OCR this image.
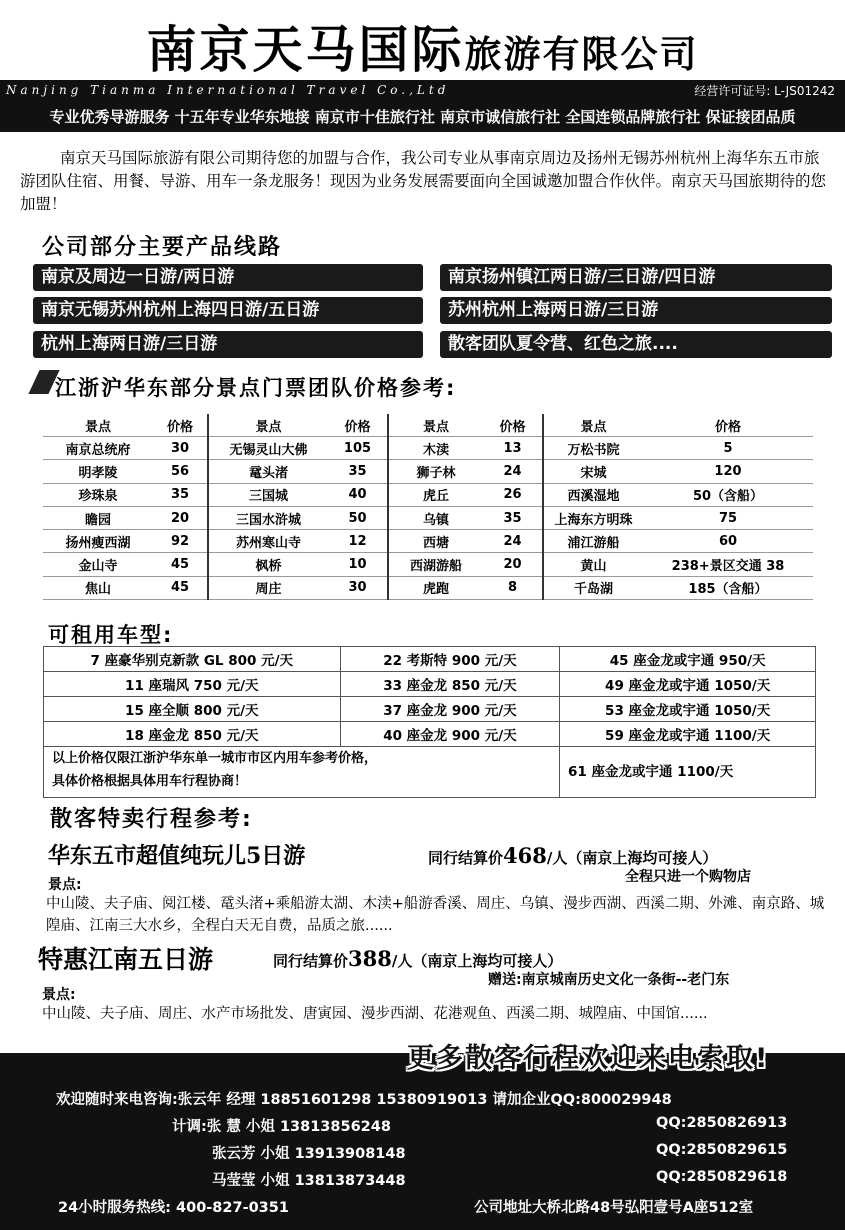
南京天马国际旅游有限公司
Nanjing Tianma International Travel Co.,Ltd	经营许可证号: L-JS01242
专业优秀导游服务 十五年专业华东地接 南京市十佳旅行社 南京市诚信旅行社 全国连锁品牌旅行社 保证接团品质
南京天马国际旅游有限公司期待您的加盟与合作，我公司专业从事南京周边及扬州无锡苏州杭州上海华东五市旅游团队住宿、用餐、导游、用车一条龙服务！现因为业务发展需要面向全国诚邀加盟合作伙伴。南京天马国旅期待的您加盟！
公司部分主要产品线路
南京及周边一日游/两日游	南京扬州镇江两日游/三日游/四日游
南京无锡苏州杭州上海四日游/五日游	苏州杭州上海两日游/三日游
杭州上海两日游/三日游	散客团队夏令营、红色之旅....
江浙沪华东部分景点门票团队价格参考:
景点	价格	景点	价格	景点	价格	景点	价格
南京总统府	30	无锡灵山大佛	105	木渎	13	万松书院	5
明孝陵	56	鼋头渚	35	狮子林	24	宋城	120
珍珠泉	35	三国城	40	虎丘	26	西溪湿地	50（含船）
瞻园	20	三国水浒城	50	乌镇	35	上海东方明珠	75
扬州瘦西湖	92	苏州寒山寺	12	西塘	24	浦江游船	60
金山寺	45	枫桥	10	西湖游船	20	黄山	238+景区交通 38
焦山	45	周庄	30	虎跑	8	千岛湖	185（含船）
可租用车型:
7 座豪华别克新款 GL 800 元/天	22 考斯特 900 元/天	45 座金龙或宇通 950/天
11 座瑞风 750 元/天	33 座金龙 850 元/天	49 座金龙或宇通 1050/天
15 座全顺 800 元/天	37 座金龙 900 元/天	53 座金龙或宇通 1050/天
18 座金龙 850 元/天	40 座金龙 900 元/天	59 座金龙或宇通 1100/天

以上价格仅限江浙沪华东单一城市市区内用车参考价格，
具体价格根据具体用车行程协商！
61 座金龙或宇通 1100/天
散客特卖行程参考:
华东五市超值纯玩儿5日游	同行结算价468/人（南京上海均可接人）
全程只进一个购物店
景点:
中山陵、夫子庙、阅江楼、鼋头渚+乘船游太湖、木渎+船游香溪、周庄、乌镇、漫步西湖、西溪二期、外滩、南京路、城隍庙、江南三大水乡，全程白天无自费，品质之旅......
特惠江南五日游	同行结算价388/人（南京上海均可接人）
赠送:南京城南历史文化一条街--老门东
景点:
中山陵、夫子庙、周庄、水产市场批发、唐寅园、漫步西湖、花港观鱼、西溪二期、城隍庙、中国馆......
欢迎随时来电咨询:张云年 经理 18851601298 15380919013 请加企业QQ:800029948
计调:张 慧 小姐 13813856248	QQ:2850826913
张云芳 小姐 13913908148	QQ:2850829615
马莹莹 小姐 13813873448	QQ:2850829618
24小时服务热线: 400-827-0351	公司地址大桥北路48号弘阳壹号A座512室
更多散客行程欢迎来电索取!
